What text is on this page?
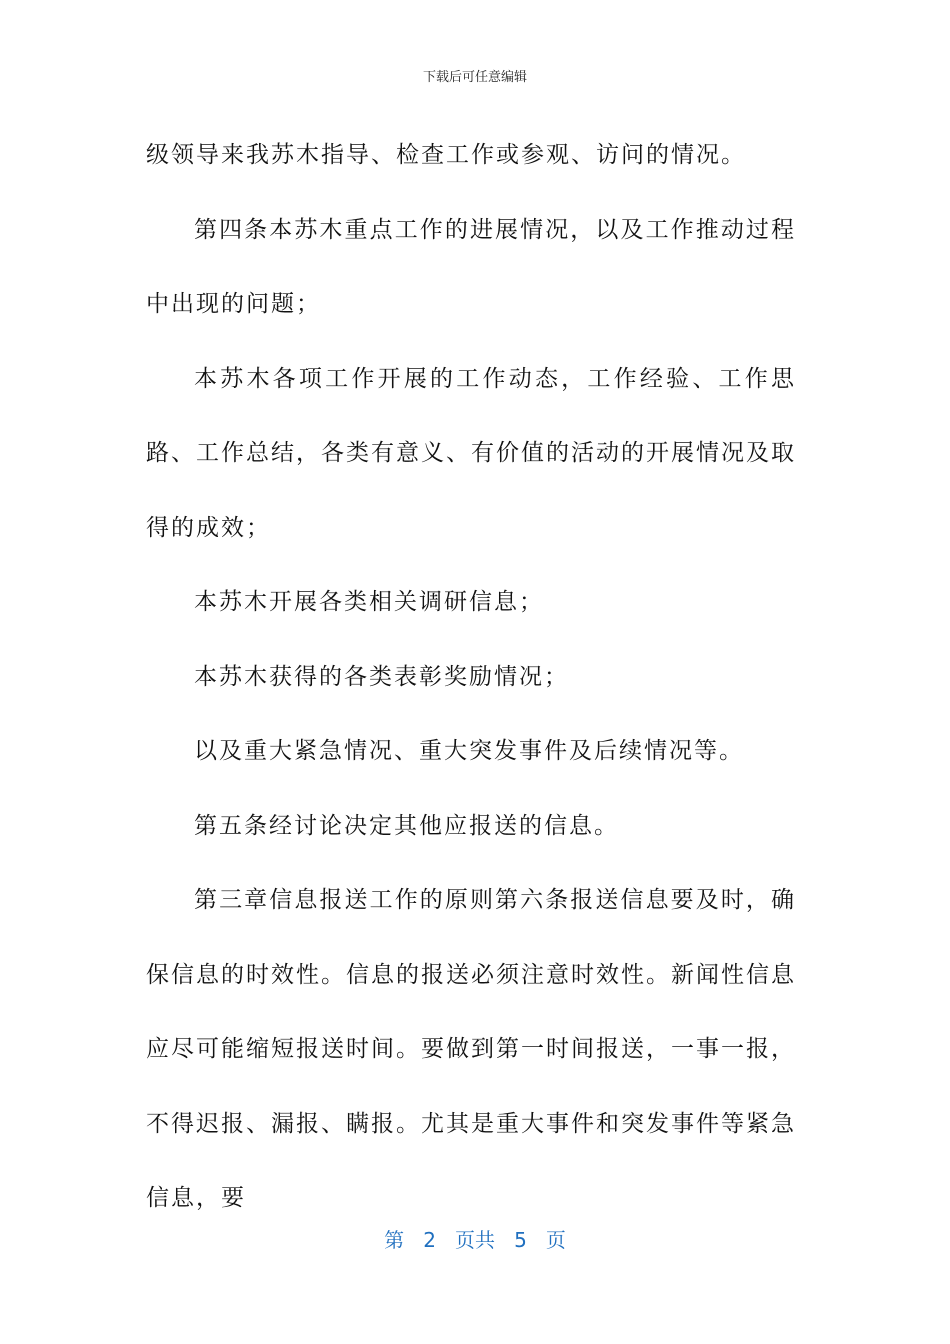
下载后可任意编辑

级领导来我苏木指导、检查工作或参观、访问的情况。

第四条本苏木重点工作的进展情况，以及工作推动过程中出现的问题；

本苏木各项工作开展的工作动态，工作经验、工作思路、工作总结，各类有意义、有价值的活动的开展情况及取得的成效；

本苏木开展各类相关调研信息；

本苏木获得的各类表彰奖励情况；

以及重大紧急情况、重大突发事件及后续情况等。

第五条经讨论决定其他应报送的信息。

第三章信息报送工作的原则第六条报送信息要及时，确保信息的时效性。信息的报送必须注意时效性。新闻性信息应尽可能缩短报送时间。要做到第一时间报送，一事一报，不得迟报、漏报、瞒报。尤其是重大事件和突发事件等紧急信息，要

第 2 页共 5 页
